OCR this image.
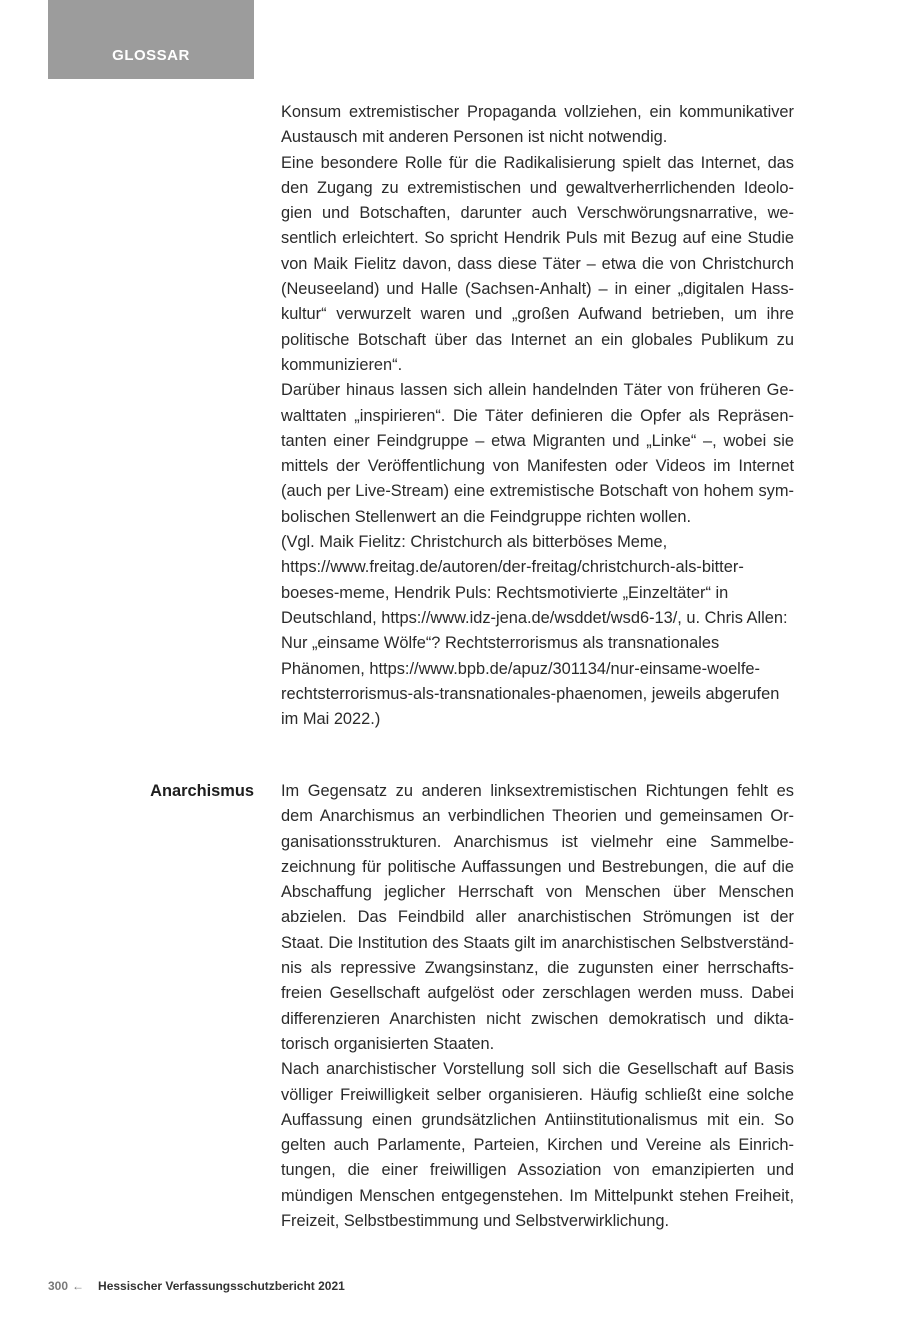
GLOSSAR

Konsum extremistischer Propaganda vollziehen, ein kommunikativer Austausch mit anderen Personen ist nicht notwendig.

Eine besondere Rolle für die Radikalisierung spielt das Internet, das den Zugang zu extremistischen und gewaltverherrlichenden Ideologien und Botschaften, darunter auch Verschwörungsnarrative, wesentlich erleichtert. So spricht Hendrik Puls mit Bezug auf eine Studie von Maik Fielitz davon, dass diese Täter – etwa die von Christchurch (Neuseeland) und Halle (Sachsen-Anhalt) – in einer „digitalen Hasskultur“ verwurzelt waren und „großen Aufwand betrieben, um ihre politische Botschaft über das Internet an ein globales Publikum zu kommunizieren“.

Darüber hinaus lassen sich allein handelnden Täter von früheren Gewalttaten „inspirieren“. Die Täter definieren die Opfer als Repräsentanten einer Feindgruppe – etwa Migranten und „Linke“ –, wobei sie mittels der Veröffentlichung von Manifesten oder Videos im Internet (auch per Live-Stream) eine extremistische Botschaft von hohem symbolischen Stellenwert an die Feindgruppe richten wollen.

(Vgl. Maik Fielitz: Christchurch als bitterböses Meme, https://www.freitag.de/autoren/der-freitag/christchurch-als-bitterboeses-meme, Hendrik Puls: Rechtsmotivierte „Einzeltäter“ in Deutschland, https://www.idz-jena.de/wsddet/wsd6-13/, u. Chris Allen: Nur „einsame Wölfe“? Rechtsterrorismus als transnationales Phänomen, https://www.bpb.de/apuz/301134/nur-einsame-woelfe-rechtsterrorismus-als-transnationales-phaenomen, jeweils abgerufen im Mai 2022.)

Anarchismus Im Gegensatz zu anderen linksextremistischen Richtungen fehlt es dem Anarchismus an verbindlichen Theorien und gemeinsamen Organisationsstrukturen. Anarchismus ist vielmehr eine Sammelbezeichnung für politische Auffassungen und Bestrebungen, die auf die Abschaffung jeglicher Herrschaft von Menschen über Menschen abzielen. Das Feindbild aller anarchistischen Strömungen ist der Staat. Die Institution des Staats gilt im anarchistischen Selbstverständnis als repressive Zwangsinstanz, die zugunsten einer herrschaftsfreien Gesellschaft aufgelöst oder zerschlagen werden muss. Dabei differenzieren Anarchisten nicht zwischen demokratisch und diktatorisch organisierten Staaten.

Nach anarchistischer Vorstellung soll sich die Gesellschaft auf Basis völliger Freiwilligkeit selber organisieren. Häufig schließt eine solche Auffassung einen grundsätzlichen Antiinstitutionalismus mit ein. So gelten auch Parlamente, Parteien, Kirchen und Vereine als Einrichtungen, die einer freiwilligen Assoziation von emanzipierten und mündigen Menschen entgegenstehen. Im Mittelpunkt stehen Freiheit, Freizeit, Selbstbestimmung und Selbstverwirklichung.

300 ← Hessischer Verfassungsschutzbericht 2021
